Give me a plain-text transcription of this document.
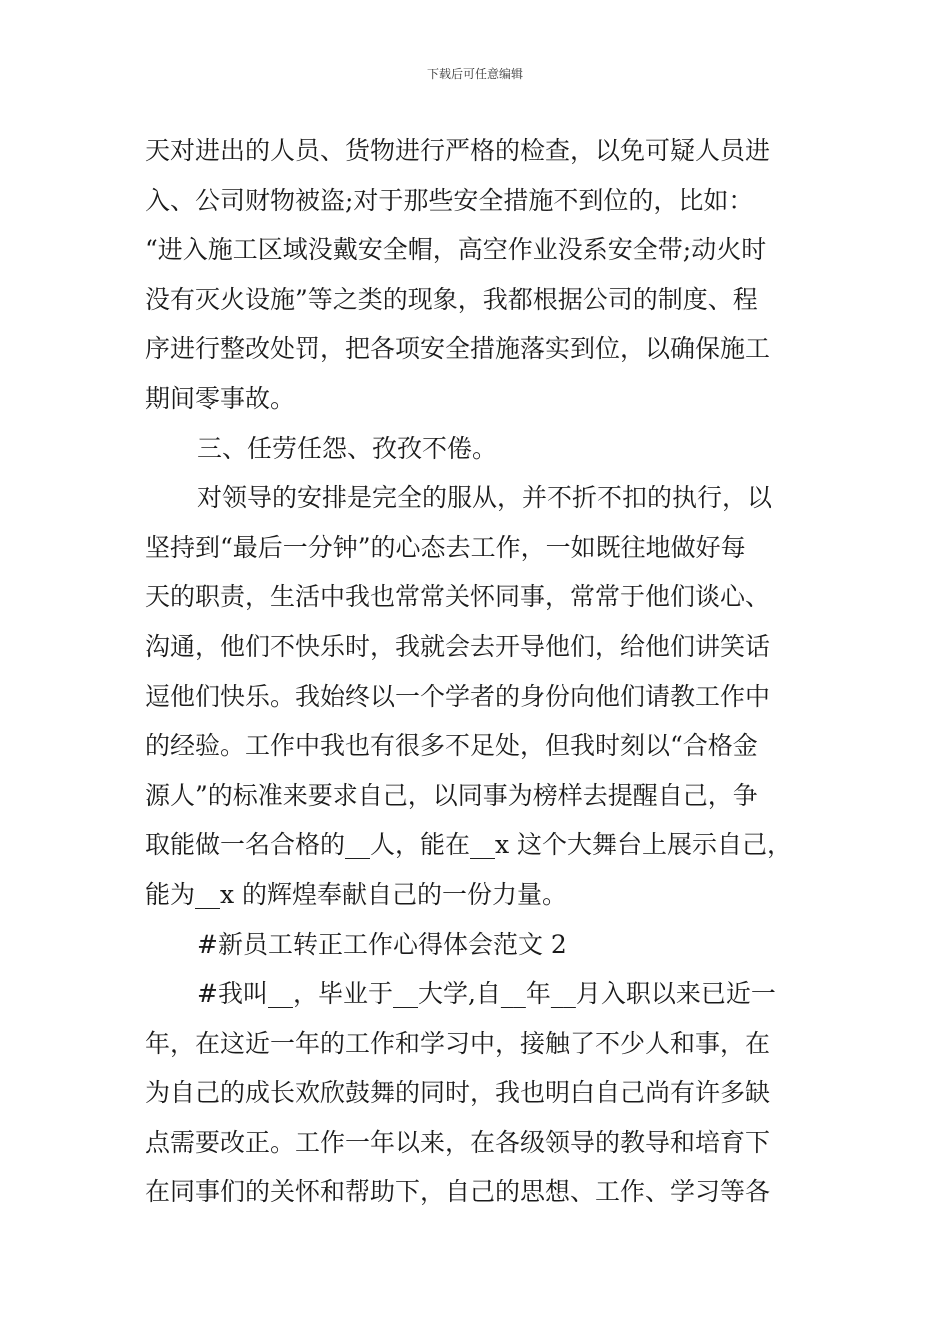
下载后可任意编辑
天对进出的人员、货物进行严格的检查，以免可疑人员进
入、公司财物被盗;对于那些安全措施不到位的，比如：
“进入施工区域没戴安全帽，高空作业没系安全带;动火时
没有灭火设施”等之类的现象，我都根据公司的制度、程
序进行整改处罚，把各项安全措施落实到位，以确保施工
期间零事故。
三、任劳任怨、孜孜不倦。
对领导的安排是完全的服从，并不折不扣的执行，以
坚持到“最后一分钟”的心态去工作，一如既往地做好每
天的职责，生活中我也常常关怀同事，常常于他们谈心、
沟通，他们不快乐时，我就会去开导他们，给他们讲笑话
逗他们快乐。我始终以一个学者的身份向他们请教工作中
的经验。工作中我也有很多不足处，但我时刻以“合格金
源人”的标准来要求自己，以同事为榜样去提醒自己，争
取能做一名合格的__人，能在__x 这个大舞台上展示自己，
能为__x 的辉煌奉献自己的一份力量。
#新员工转正工作心得体会范文 2
#我叫__，毕业于__大学,自__年__月入职以来已近一
年，在这近一年的工作和学习中，接触了不少人和事，在
为自己的成长欢欣鼓舞的同时，我也明白自己尚有许多缺
点需要改正。工作一年以来，在各级领导的教导和培育下
在同事们的关怀和帮助下，自己的思想、工作、学习等各
